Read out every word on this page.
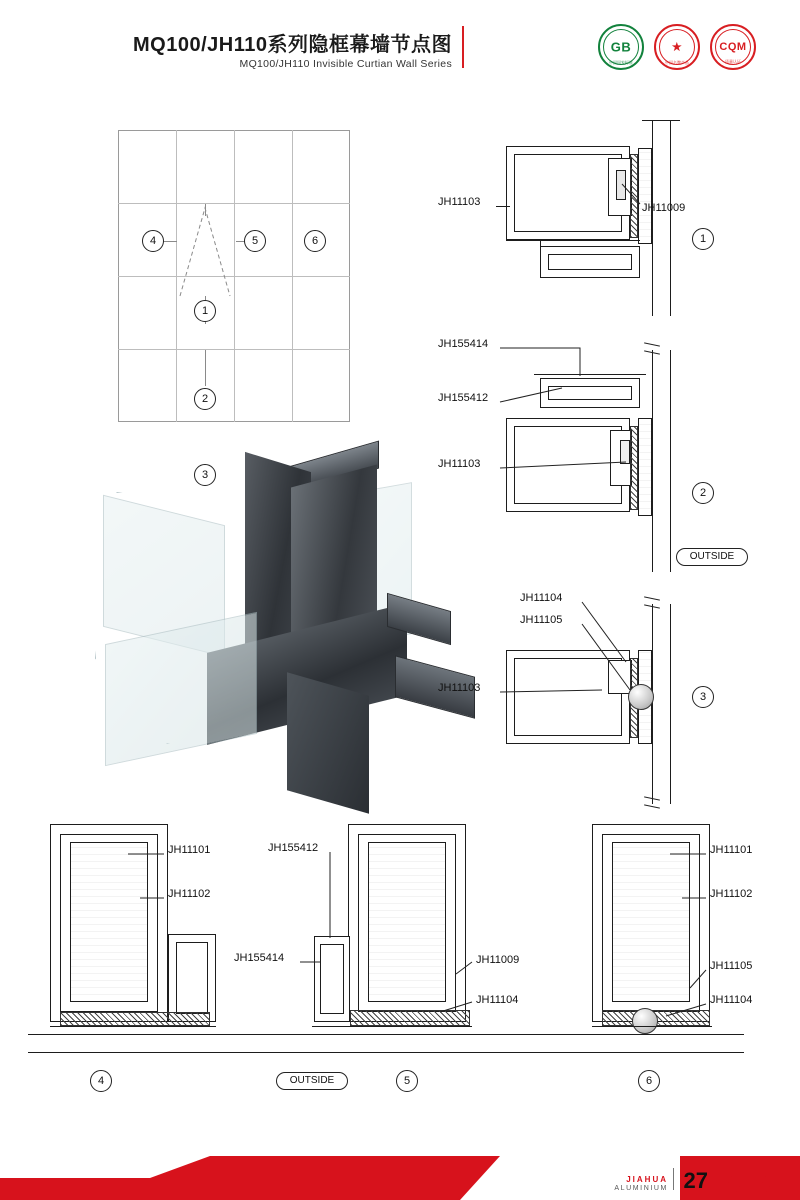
MQ100/JH110系列隐框幕墙节点图
MQ100/JH110 Invisible Curtian Wall Series
GB
中国国家标准
★
中国名牌产品
CQM
质量认证
1
2
3
4	5	6
JH11103	JH11009
1
JH155414
JH155412
JH11103
2
OUTSIDE
JH11104
JH11105
JH11103
3
JH11101
JH11102
4
JH155412
JH155414	JH11009
JH11104
5
OUTSIDE
JH11101
JH11102
JH11105
JH11104
6
JIAHUA
ALUMINIUM 27
